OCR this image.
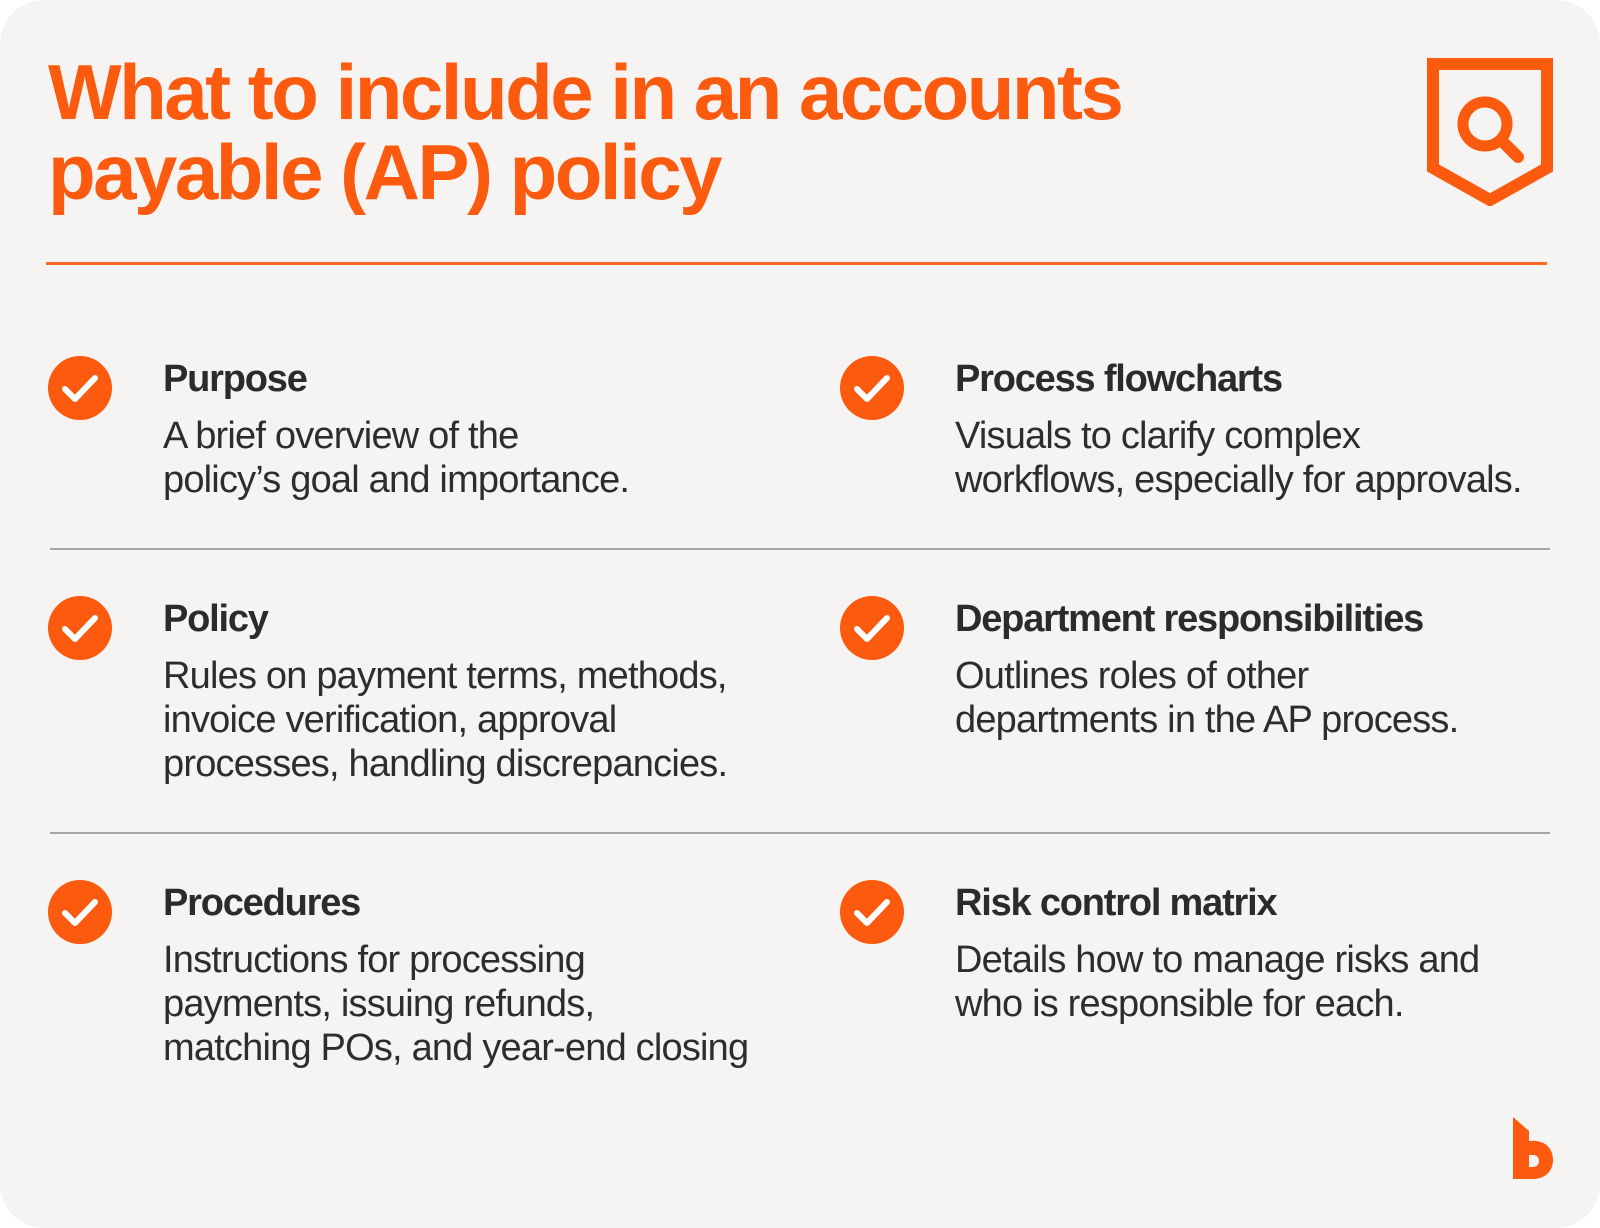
What to include in an accounts
payable (AP) policy
Purpose

A brief overview of the
policy’s goal and importance.

Process flowcharts

Visuals to clarify complex
workflows, especially for approvals.

Policy

Rules on payment terms, methods,
invoice verification, approval
processes, handling discrepancies.

Department responsibilities

Outlines roles of other
departments in the AP process.

Procedures

Instructions for processing
payments, issuing refunds,
matching POs, and year-end closing

Risk control matrix

Details how to manage risks and
who is responsible for each.
